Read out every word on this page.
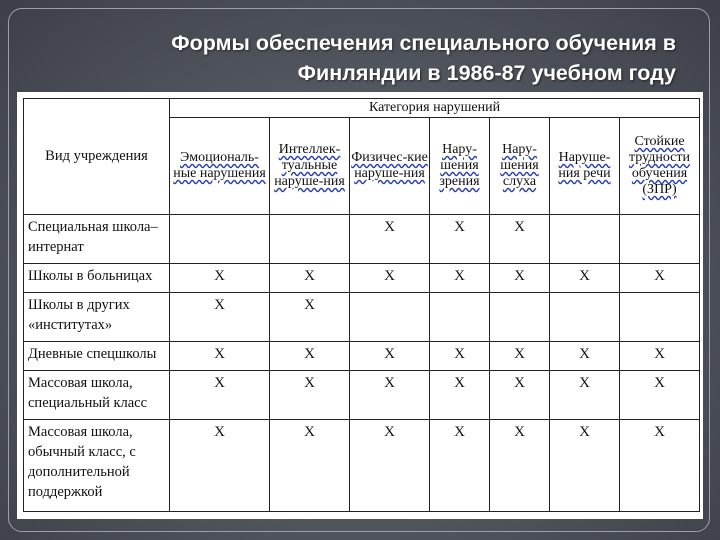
Формы обеспечения специального обучения в
Финляндии в 1986-87 учебном году
Вид учреждения	Категория нарушений						
	Эмоциональ-ные нарушения	Интеллек-туальные наруше-ния	Физичес-кие наруше-ния	Нару-шения зрения	Нару-шения слуха	Наруше-ния речи	Стойкие трудности обучения (ЗПР)
Специальная школа–интернат			X	X	X		
Школы в больницах	X	X	X	X	X	X	X
Школы в других «институтах»	X	X					
Дневные спецшколы	X	X	X	X	X	X	X
Массовая школа, специальный класс	X	X	X	X	X	X	X
Массовая школа, обычный класс, с дополнительной поддержкой	X	X	X	X	X	X	X
